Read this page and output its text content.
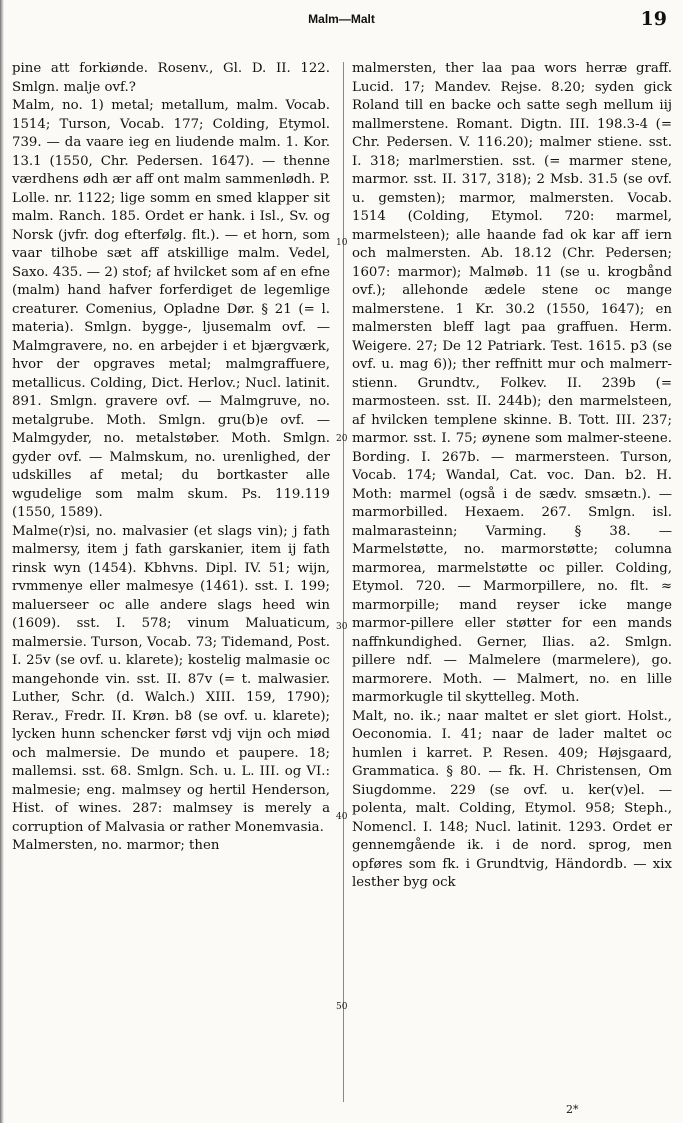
Malm—Malt	19

pine att forkiønde. Rosenv., Gl. D. II. 122. Smlgn. malje ovf.?

Malm, no. 1) metal; metallum, malm. Vocab. 1514; Turson, Vocab. 177; Colding, Etymol. 739. — da vaare ieg en liudende malm. 1. Kor. 13.1 (1550, Chr. Pedersen. 1647). — thenne værdhens ødh ær aff ont malm sammenlødh. P. Lolle. nr. 1122; lige somm en smed klapper sit malm. Ranch. 185. Ordet er hank. i Isl., Sv. og Norsk (jvfr. dog efterfølg. flt.). — et horn, som vaar tilhobe sæt aff atskillige malm. Vedel, Saxo. 435. — 2) stof; af hvilcket som af en efne (malm) hand hafver forferdiget de legemlige creaturer. Comenius, Opladne Dør. § 21 (= l. materia). Smlgn. bygge-, ljusemalm ovf. — Malmgravere, no. en arbejder i et bjærgværk, hvor der opgraves metal; malmgraffuere, metallicus. Colding, Dict. Herlov.; Nucl. latinit. 891. Smlgn. gravere ovf. — Malmgruve, no. metalgrube. Moth. Smlgn. gru(b)e ovf. — Malmgyder, no. metalstøber. Moth. Smlgn. gyder ovf. — Malmskum, no. urenlighed, der udskilles af metal; du bortkaster alle wgudelige som malm skum. Ps. 119.119 (1550, 1589).

Malme(r)si, no. malvasier (et slags vin); j fath malmersy, item j fath garskanier, item ij fath rinsk wyn (1454). Kbhvns. Dipl. IV. 51; wijn, rvmmenye eller malmesye (1461). sst. I. 199; maluerseer oc alle andere slags heed win (1609). sst. I. 578; vinum Maluaticum, malmersie. Turson, Vocab. 73; Tidemand, Post. I. 25v (se ovf. u. klarete); kostelig malmasie oc mangehonde vin. sst. II. 87v (= t. malwasier. Luther, Schr. (d. Walch.) XIII. 159, 1790); Rerav., Fredr. II. Krøn. b8 (se ovf. u. klarete); lycken hunn schencker først vdj vijn och miød och malmersie. De mundo et paupere. 18; mallemsi. sst. 68. Smlgn. Sch. u. L. III. og VI.: malmesie; eng. malmsey og hertil Henderson, Hist. of wines. 287: malmsey is merely a corruption of Malvasia or rather Monemvasia.

Malmersten, no. marmor; then

malmersten, ther laa paa wors herræ graff. Lucid. 17; Mandev. Rejse. 8.20; syden gick Roland till en backe och satte segh mellum iij mallmerstene. Romant. Digtn. III. 198.3-4 (= Chr. Pedersen. V. 116.20); malmer stiene. sst. I. 318; marlmerstien. sst. (= marmer stene, marmor. sst. II. 317, 318); 2 Msb. 31.5 (se ovf. u. gemsten); marmor, malmersten. Vocab. 1514 (Colding, Etymol. 720: marmel, marmelsteen); alle haande fad ok kar aff iern och malmersten. Ab. 18.12 (Chr. Pedersen; 1607: marmor); Malmøb. 11 (se u. krogbånd ovf.); allehonde ædele stene oc mange malmerstene. 1 Kr. 30.2 (1550, 1647); en malmersten bleff lagt paa graffuen. Herm. Weigere. 27; De 12 Patriark. Test. 1615. p3 (se ovf. u. mag 6)); ther reffnitt mur och malmerr-stienn. Grundtv., Folkev. II. 239b (= marmosteen. sst. II. 244b); den marmelsteen, af hvilcken templene skinne. B. Tott. III. 237; marmor. sst. I. 75; øynene som malmer-steene. Bording. I. 267b. — marmersteen. Turson, Vocab. 174; Wandal, Cat. voc. Dan. b2. H. Moth: marmel (også i de sædv. smsætn.). — marmorbilled. Hexaem. 267. Smlgn. isl. malmarasteinn; Varming. § 38. — Marmelstøtte, no. marmorstøtte; columna marmorea, marmelstøtte oc piller. Colding, Etymol. 720. — Marmorpillere, no. flt. ≈ marmorpille; mand reyser icke mange marmor-pillere eller støtter for een mands naffnkundighed. Gerner, Ilias. a2. Smlgn. pillere ndf. — Malmelere (marmelere), go. marmorere. Moth. — Malmert, no. en lille marmorkugle til skyttelleg. Moth.

Malt, no. ik.; naar maltet er slet giort. Holst., Oeconomia. I. 41; naar de lader maltet oc humlen i karret. P. Resen. 409; Højsgaard, Grammatica. § 80. — fk. H. Christensen, Om Siugdomme. 229 (se ovf. u. ker(v)el. — polenta, malt. Colding, Etymol. 958; Steph., Nomencl. I. 148; Nucl. latinit. 1293. Ordet er gennemgående ik. i de nord. sprog, men opføres som fk. i Grundtvig, Händordb. — xix lesther byg ock

10
20
30
40
50
2*
